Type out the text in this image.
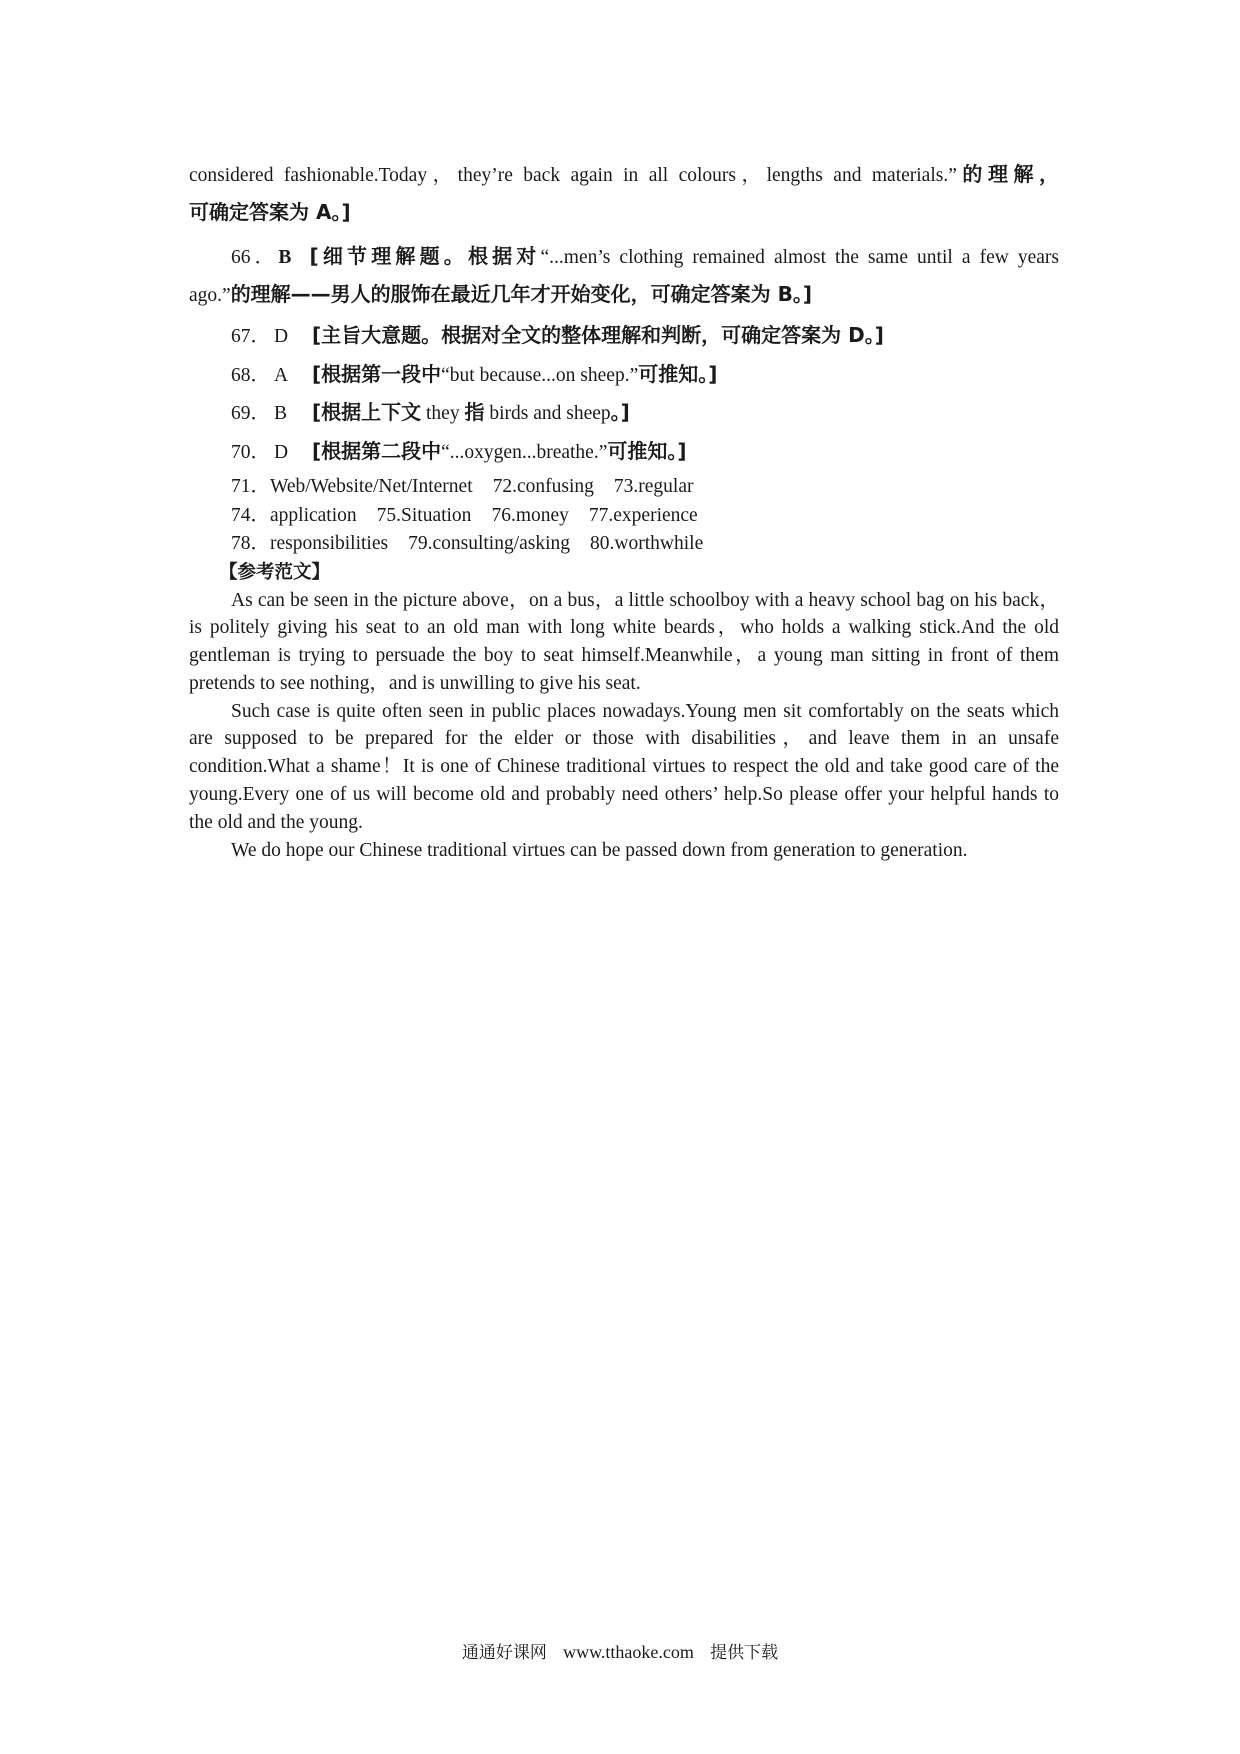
considered fashionable.Today，they’re back again in all colours，lengths and materials.”的理解，
可确定答案为 A。]
66．B [细节理解题。根据对“...men’s clothing remained almost the same until a few years
ago.”的理解——男人的服饰在最近几年才开始变化，可确定答案为 B。]
67． D [主旨大意题。根据对全文的整体理解和判断，可确定答案为 D。]
68． A [根据第一段中“but because...on sheep.”可推知。]
69． B [根据上下文 they 指 birds and sheep。]
70． D [根据第二段中“...oxygen...breathe.”可推知。]
71．Web/Website/Net/Internet 72.confusing 73.regular
74．application 75.Situation 76.money 77.experience
78．responsibilities 79.consulting/asking 80.worthwhile
【参考范文】

As can be seen in the picture above，on a bus，a little schoolboy with a heavy school bag on his back，is politely giving his seat to an old man with long white beards，who holds a walking stick.And the old gentleman is trying to persuade the boy to seat himself.Meanwhile，a young man sitting in front of them pretends to see nothing，and is unwilling to give his seat.

Such case is quite often seen in public places nowadays.Young men sit comfortably on the seats which are supposed to be prepared for the elder or those with disabilities，and leave them in an unsafe condition.What a shame！It is one of Chinese traditional virtues to respect the old and take good care of the young.Every one of us will become old and probably need others’ help.So please offer your helpful hands to the old and the young.

We do hope our Chinese traditional virtues can be passed down from generation to generation.

通通好课网 www.tthaoke.com 提供下载
